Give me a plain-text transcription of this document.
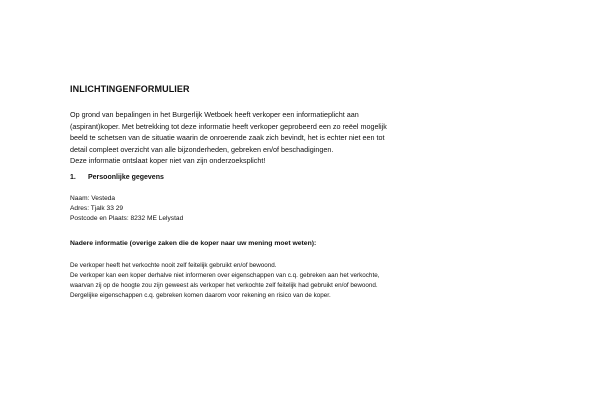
INLICHTINGENFORMULIER

Op grond van bepalingen in het Burgerlijk Wetboek heeft verkoper een informatieplicht aan

(aspirant)koper. Met betrekking tot deze informatie heeft verkoper geprobeerd een zo reëel mogelijk

beeld te schetsen van de situatie waarin de onroerende zaak zich bevindt, het is echter niet een tot

detail compleet overzicht van alle bijzonderheden, gebreken en/of beschadigingen.

Deze informatie ontslaat koper niet van zijn onderzoeksplicht!

1. Persoonlijke gegevens

Naam: Vesteda

Adres: Tjalk 33 29

Postcode en Plaats: 8232 ME Lelystad

Nadere informatie (overige zaken die de koper naar uw mening moet weten):

De verkoper heeft het verkochte nooit zelf feitelijk gebruikt en/of bewoond.

De verkoper kan een koper derhalve niet informeren over eigenschappen van c.q. gebreken aan het verkochte,

waarvan zij op de hoogte zou zijn geweest als verkoper het verkochte zelf feitelijk had gebruikt en/of bewoond.

Dergelijke eigenschappen c.q. gebreken komen daarom voor rekening en risico van de koper.
